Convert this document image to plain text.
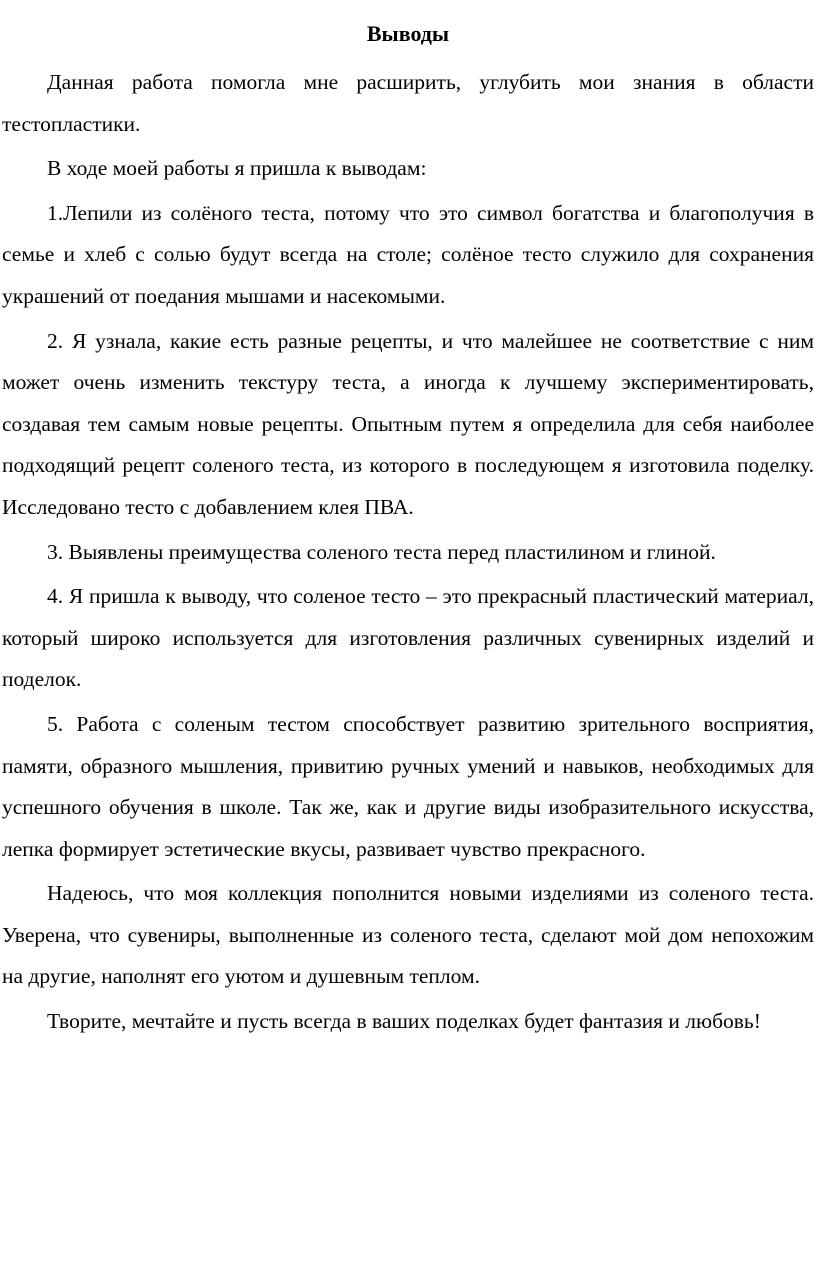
Выводы

Данная работа помогла мне расширить, углубить мои знания в области тестопластики.

В ходе моей работы я пришла к выводам:

1.Лепили из солёного теста, потому что это символ богатства и благополучия в семье и хлеб с солью будут всегда на столе; солёное тесто служило для сохранения украшений от поедания мышами и насекомыми.

2. Я узнала, какие есть разные рецепты, и что малейшее не соответствие с ним может очень изменить текстуру теста, а иногда к лучшему экспериментировать, создавая тем самым новые рецепты. Опытным путем я определила для себя наиболее подходящий рецепт соленого теста, из которого в последующем я изготовила поделку. Исследовано тесто с добавлением клея ПВА.

3. Выявлены преимущества соленого теста перед пластилином и глиной.

4. Я пришла к выводу, что соленое тесто – это прекрасный пластический материал, который широко используется для изготовления различных сувенирных изделий и поделок.

5. Работа с соленым тестом способствует развитию зрительного восприятия, памяти, образного мышления, привитию ручных умений и навыков, необходимых для успешного обучения в школе. Так же, как и другие виды изобразительного искусства, лепка формирует эстетические вкусы, развивает чувство прекрасного.

Надеюсь, что моя коллекция пополнится новыми изделиями из соленого теста. Уверена, что сувениры, выполненные из соленого теста, сделают мой дом непохожим на другие, наполнят его уютом и душевным теплом.

Творите, мечтайте и пусть всегда в ваших поделках будет фантазия и любовь!
